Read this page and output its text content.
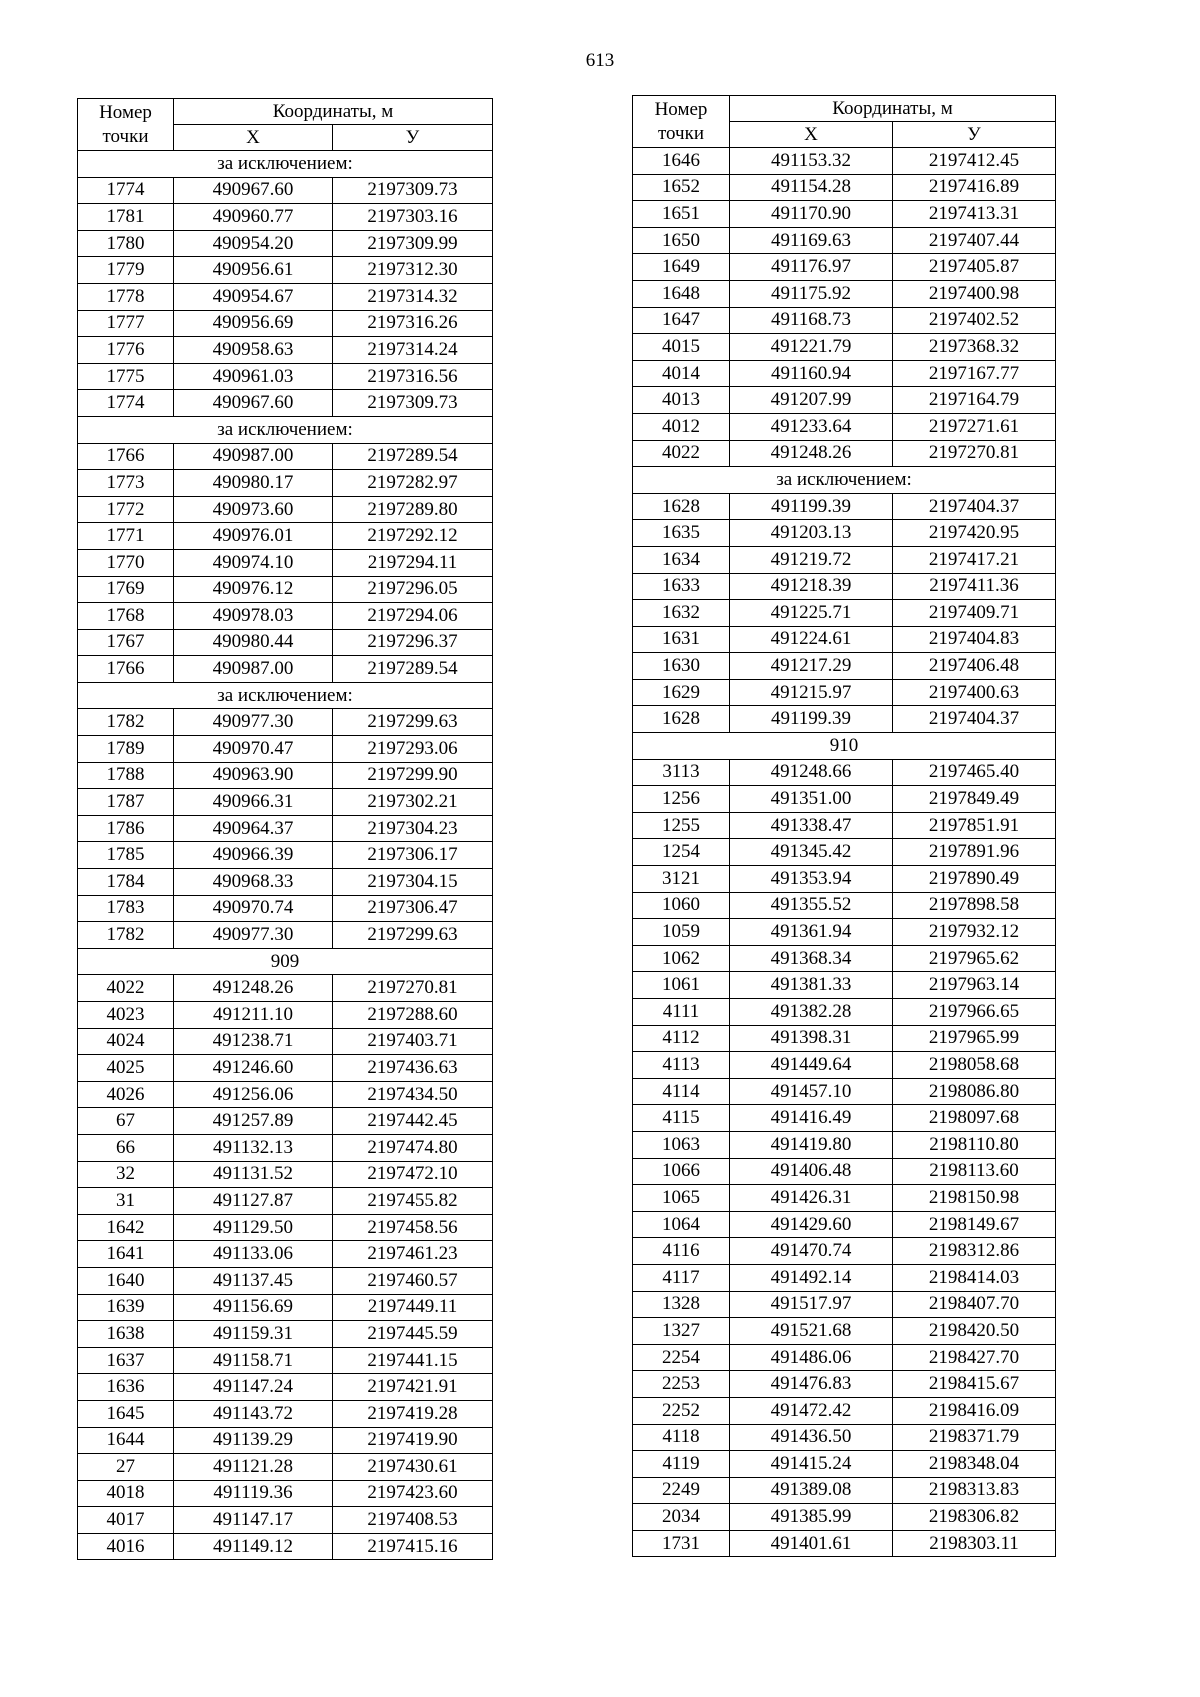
613
Номер
точки	Координаты, м	
	Х	У
за исключением:		
1774	490967.60	2197309.73
1781	490960.77	2197303.16
1780	490954.20	2197309.99
1779	490956.61	2197312.30
1778	490954.67	2197314.32
1777	490956.69	2197316.26
1776	490958.63	2197314.24
1775	490961.03	2197316.56
1774	490967.60	2197309.73
за исключением:		
1766	490987.00	2197289.54
1773	490980.17	2197282.97
1772	490973.60	2197289.80
1771	490976.01	2197292.12
1770	490974.10	2197294.11
1769	490976.12	2197296.05
1768	490978.03	2197294.06
1767	490980.44	2197296.37
1766	490987.00	2197289.54
за исключением:		
1782	490977.30	2197299.63
1789	490970.47	2197293.06
1788	490963.90	2197299.90
1787	490966.31	2197302.21
1786	490964.37	2197304.23
1785	490966.39	2197306.17
1784	490968.33	2197304.15
1783	490970.74	2197306.47
1782	490977.30	2197299.63
909		
4022	491248.26	2197270.81
4023	491211.10	2197288.60
4024	491238.71	2197403.71
4025	491246.60	2197436.63
4026	491256.06	2197434.50
67	491257.89	2197442.45
66	491132.13	2197474.80
32	491131.52	2197472.10
31	491127.87	2197455.82
1642	491129.50	2197458.56
1641	491133.06	2197461.23
1640	491137.45	2197460.57
1639	491156.69	2197449.11
1638	491159.31	2197445.59
1637	491158.71	2197441.15
1636	491147.24	2197421.91
1645	491143.72	2197419.28
1644	491139.29	2197419.90
27	491121.28	2197430.61
4018	491119.36	2197423.60
4017	491147.17	2197408.53
4016	491149.12	2197415.16
Номер
точки	Координаты, м	
	Х	У
1646	491153.32	2197412.45
1652	491154.28	2197416.89
1651	491170.90	2197413.31
1650	491169.63	2197407.44
1649	491176.97	2197405.87
1648	491175.92	2197400.98
1647	491168.73	2197402.52
4015	491221.79	2197368.32
4014	491160.94	2197167.77
4013	491207.99	2197164.79
4012	491233.64	2197271.61
4022	491248.26	2197270.81
за исключением:		
1628	491199.39	2197404.37
1635	491203.13	2197420.95
1634	491219.72	2197417.21
1633	491218.39	2197411.36
1632	491225.71	2197409.71
1631	491224.61	2197404.83
1630	491217.29	2197406.48
1629	491215.97	2197400.63
1628	491199.39	2197404.37
910		
3113	491248.66	2197465.40
1256	491351.00	2197849.49
1255	491338.47	2197851.91
1254	491345.42	2197891.96
3121	491353.94	2197890.49
1060	491355.52	2197898.58
1059	491361.94	2197932.12
1062	491368.34	2197965.62
1061	491381.33	2197963.14
4111	491382.28	2197966.65
4112	491398.31	2197965.99
4113	491449.64	2198058.68
4114	491457.10	2198086.80
4115	491416.49	2198097.68
1063	491419.80	2198110.80
1066	491406.48	2198113.60
1065	491426.31	2198150.98
1064	491429.60	2198149.67
4116	491470.74	2198312.86
4117	491492.14	2198414.03
1328	491517.97	2198407.70
1327	491521.68	2198420.50
2254	491486.06	2198427.70
2253	491476.83	2198415.67
2252	491472.42	2198416.09
4118	491436.50	2198371.79
4119	491415.24	2198348.04
2249	491389.08	2198313.83
2034	491385.99	2198306.82
1731	491401.61	2198303.11
